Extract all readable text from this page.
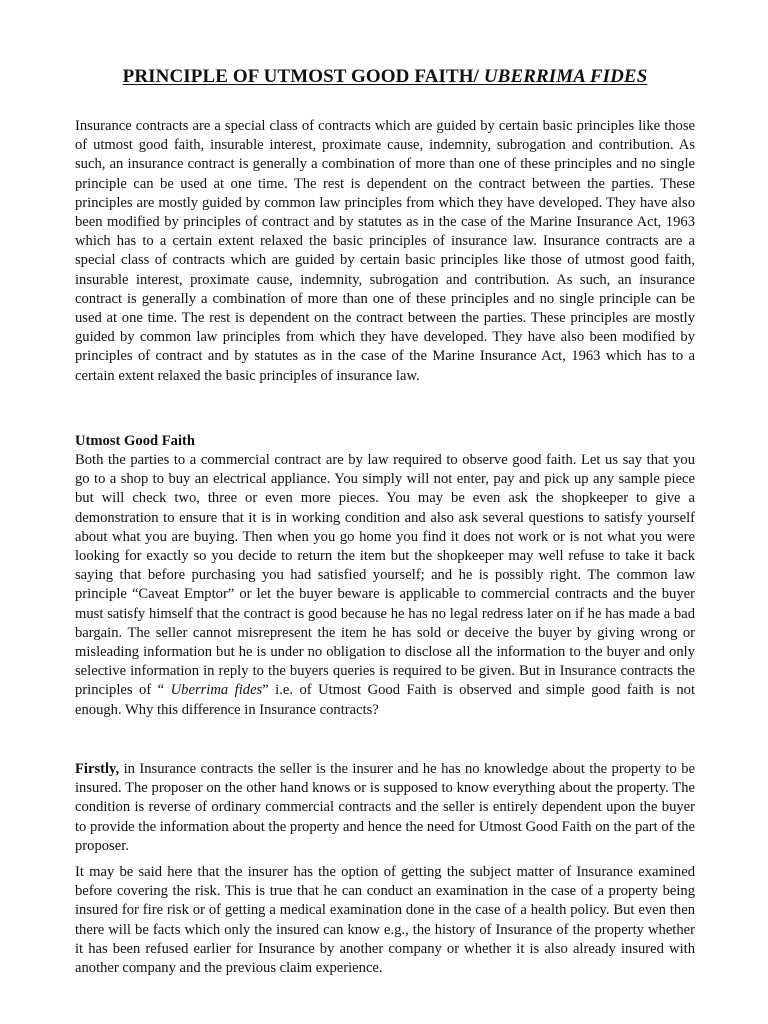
PRINCIPLE OF UTMOST GOOD FAITH/ UBERRIMA FIDES

Insurance contracts are a special class of contracts which are guided by certain basic principles like those of utmost good faith, insurable interest, proximate cause, indemnity, subrogation and contribution. As such, an insurance contract is generally a combination of more than one of these principles and no single principle can be used at one time. The rest is dependent on the contract between the parties. These principles are mostly guided by common law principles from which they have developed. They have also been modified by principles of contract and by statutes as in the case of the Marine Insurance Act, 1963 which has to a certain extent relaxed the basic principles of insurance law. Insurance contracts are a special class of contracts which are guided by certain basic principles like those of utmost good faith, insurable interest, proximate cause, indemnity, subrogation and contribution. As such, an insurance contract is generally a combination of more than one of these principles and no single principle can be used at one time. The rest is dependent on the contract between the parties. These principles are mostly guided by common law principles from which they have developed. They have also been modified by principles of contract and by statutes as in the case of the Marine Insurance Act, 1963 which has to a certain extent relaxed the basic principles of insurance law.

Utmost Good Faith

Both the parties to a commercial contract are by law required to observe good faith. Let us say that you go to a shop to buy an electrical appliance. You simply will not enter, pay and pick up any sample piece but will check two, three or even more pieces. You may be even ask the shopkeeper to give a demonstration to ensure that it is in working condition and also ask several questions to satisfy yourself about what you are buying. Then when you go home you find it does not work or is not what you were looking for exactly so you decide to return the item but the shopkeeper may well refuse to take it back saying that before purchasing you had satisfied yourself; and he is possibly right. The common law principle “Caveat Emptor” or let the buyer beware is applicable to commercial contracts and the buyer must satisfy himself that the contract is good because he has no legal redress later on if he has made a bad bargain. The seller cannot misrepresent the item he has sold or deceive the buyer by giving wrong or misleading information but he is under no obligation to disclose all the information to the buyer and only selective information in reply to the buyers queries is required to be given. But in Insurance contracts the principles of “ Uberrima fides” i.e. of Utmost Good Faith is observed and simple good faith is not enough. Why this difference in Insurance contracts?

Firstly, in Insurance contracts the seller is the insurer and he has no knowledge about the property to be insured. The proposer on the other hand knows or is supposed to know everything about the property. The condition is reverse of ordinary commercial contracts and the seller is entirely dependent upon the buyer to provide the information about the property and hence the need for Utmost Good Faith on the part of the proposer.

It may be said here that the insurer has the option of getting the subject matter of Insurance examined before covering the risk. This is true that he can conduct an examination in the case of a property being insured for fire risk or of getting a medical examination done in the case of a health policy. But even then there will be facts which only the insured can know e.g., the history of Insurance of the property whether it has been refused earlier for Insurance by another company or whether it is also already insured with another company and the previous claim experience.
